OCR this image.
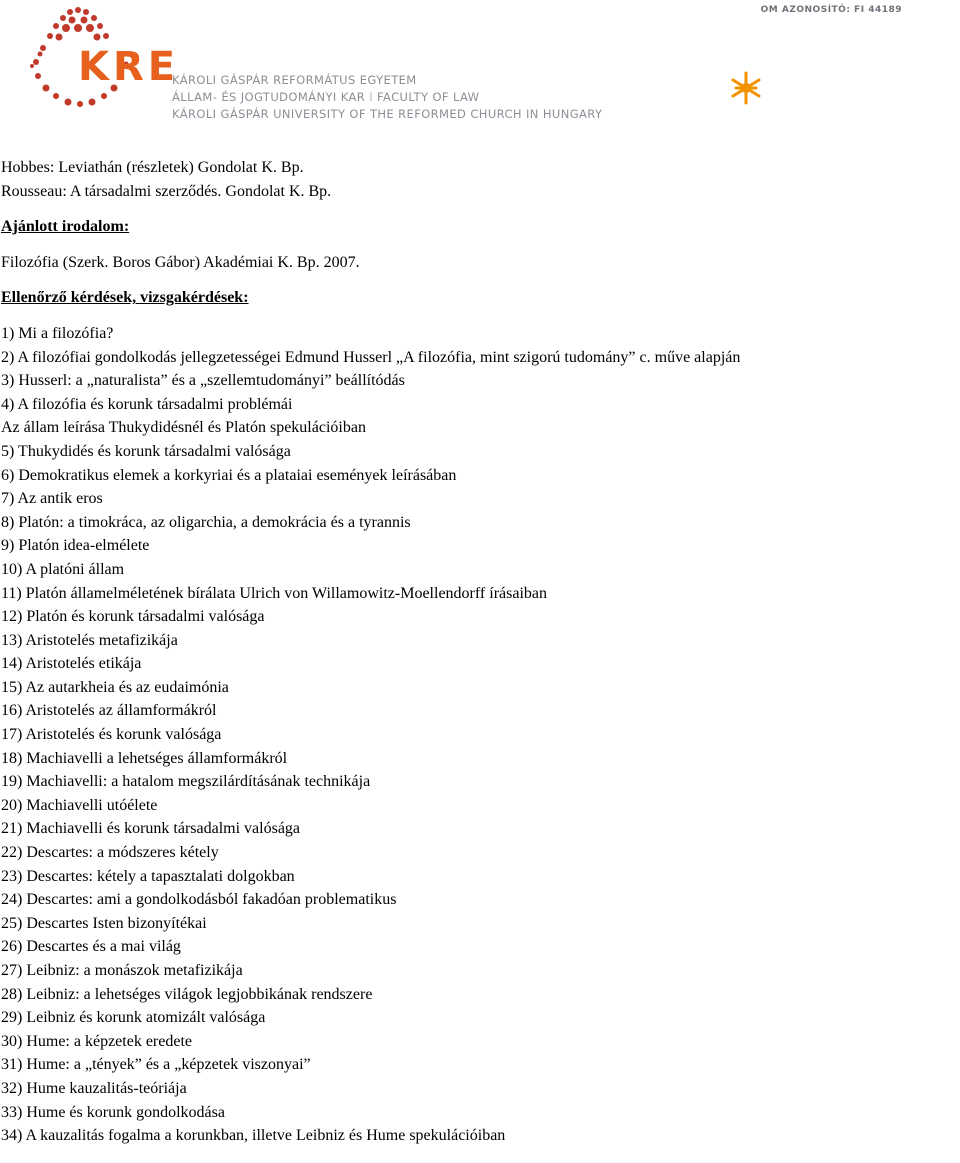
KRE
OM AZONOSÍTÓ: FI 44189
KÁROLI GÁSPÁR REFORMÁTUS EGYETEM
ÁLLAM- ÉS JOGTUDOMÁNYI KAR I FACULTY OF LAW
KÁROLI GÁSPÁR UNIVERSITY OF THE REFORMED CHURCH IN HUNGARY
Hobbes: Leviathán (részletek) Gondolat K. Bp.
Rousseau: A társadalmi szerződés. Gondolat K. Bp.
Ajánlott irodalom:
Filozófia (Szerk. Boros Gábor) Akadémiai K. Bp. 2007.
Ellenőrző kérdések, vizsgakérdések:
1) Mi a filozófia?
2) A filozófiai gondolkodás jellegzetességei Edmund Husserl „A filozófia, mint szigorú tudomány” c. műve alapján
3) Husserl: a „naturalista” és a „szellemtudományi” beállítódás
4) A filozófia és korunk társadalmi problémái
Az állam leírása Thukydidésnél és Platón spekulációiban
5) Thukydidés és korunk társadalmi valósága
6) Demokratikus elemek a korkyriai és a plataiai események leírásában
7) Az antik eros
8) Platón: a timokráca, az oligarchia, a demokrácia és a tyrannis
9) Platón idea-elmélete
10) A platóni állam
11) Platón államelméletének bírálata Ulrich von Willamowitz-Moellendorff írásaiban
12) Platón és korunk társadalmi valósága
13) Aristotelés metafizikája
14) Aristotelés etikája
15) Az autarkheia és az eudaimónia
16) Aristotelés az államformákról
17) Aristotelés és korunk valósága
18) Machiavelli a lehetséges államformákról
19) Machiavelli: a hatalom megszilárdításának technikája
20) Machiavelli utóélete
21) Machiavelli és korunk társadalmi valósága
22) Descartes: a módszeres kétely
23) Descartes: kétely a tapasztalati dolgokban
24) Descartes: ami a gondolkodásból fakadóan problematikus
25) Descartes Isten bizonyítékai
26) Descartes és a mai világ
27) Leibniz: a monászok metafizikája
28) Leibniz: a lehetséges világok legjobbikának rendszere
29) Leibniz és korunk atomizált valósága
30) Hume: a képzetek eredete
31) Hume: a „tények” és a „képzetek viszonyai”
32) Hume kauzalitás-teóriája
33) Hume és korunk gondolkodása
34) A kauzalitás fogalma a korunkban, illetve Leibniz és Hume spekulációiban
